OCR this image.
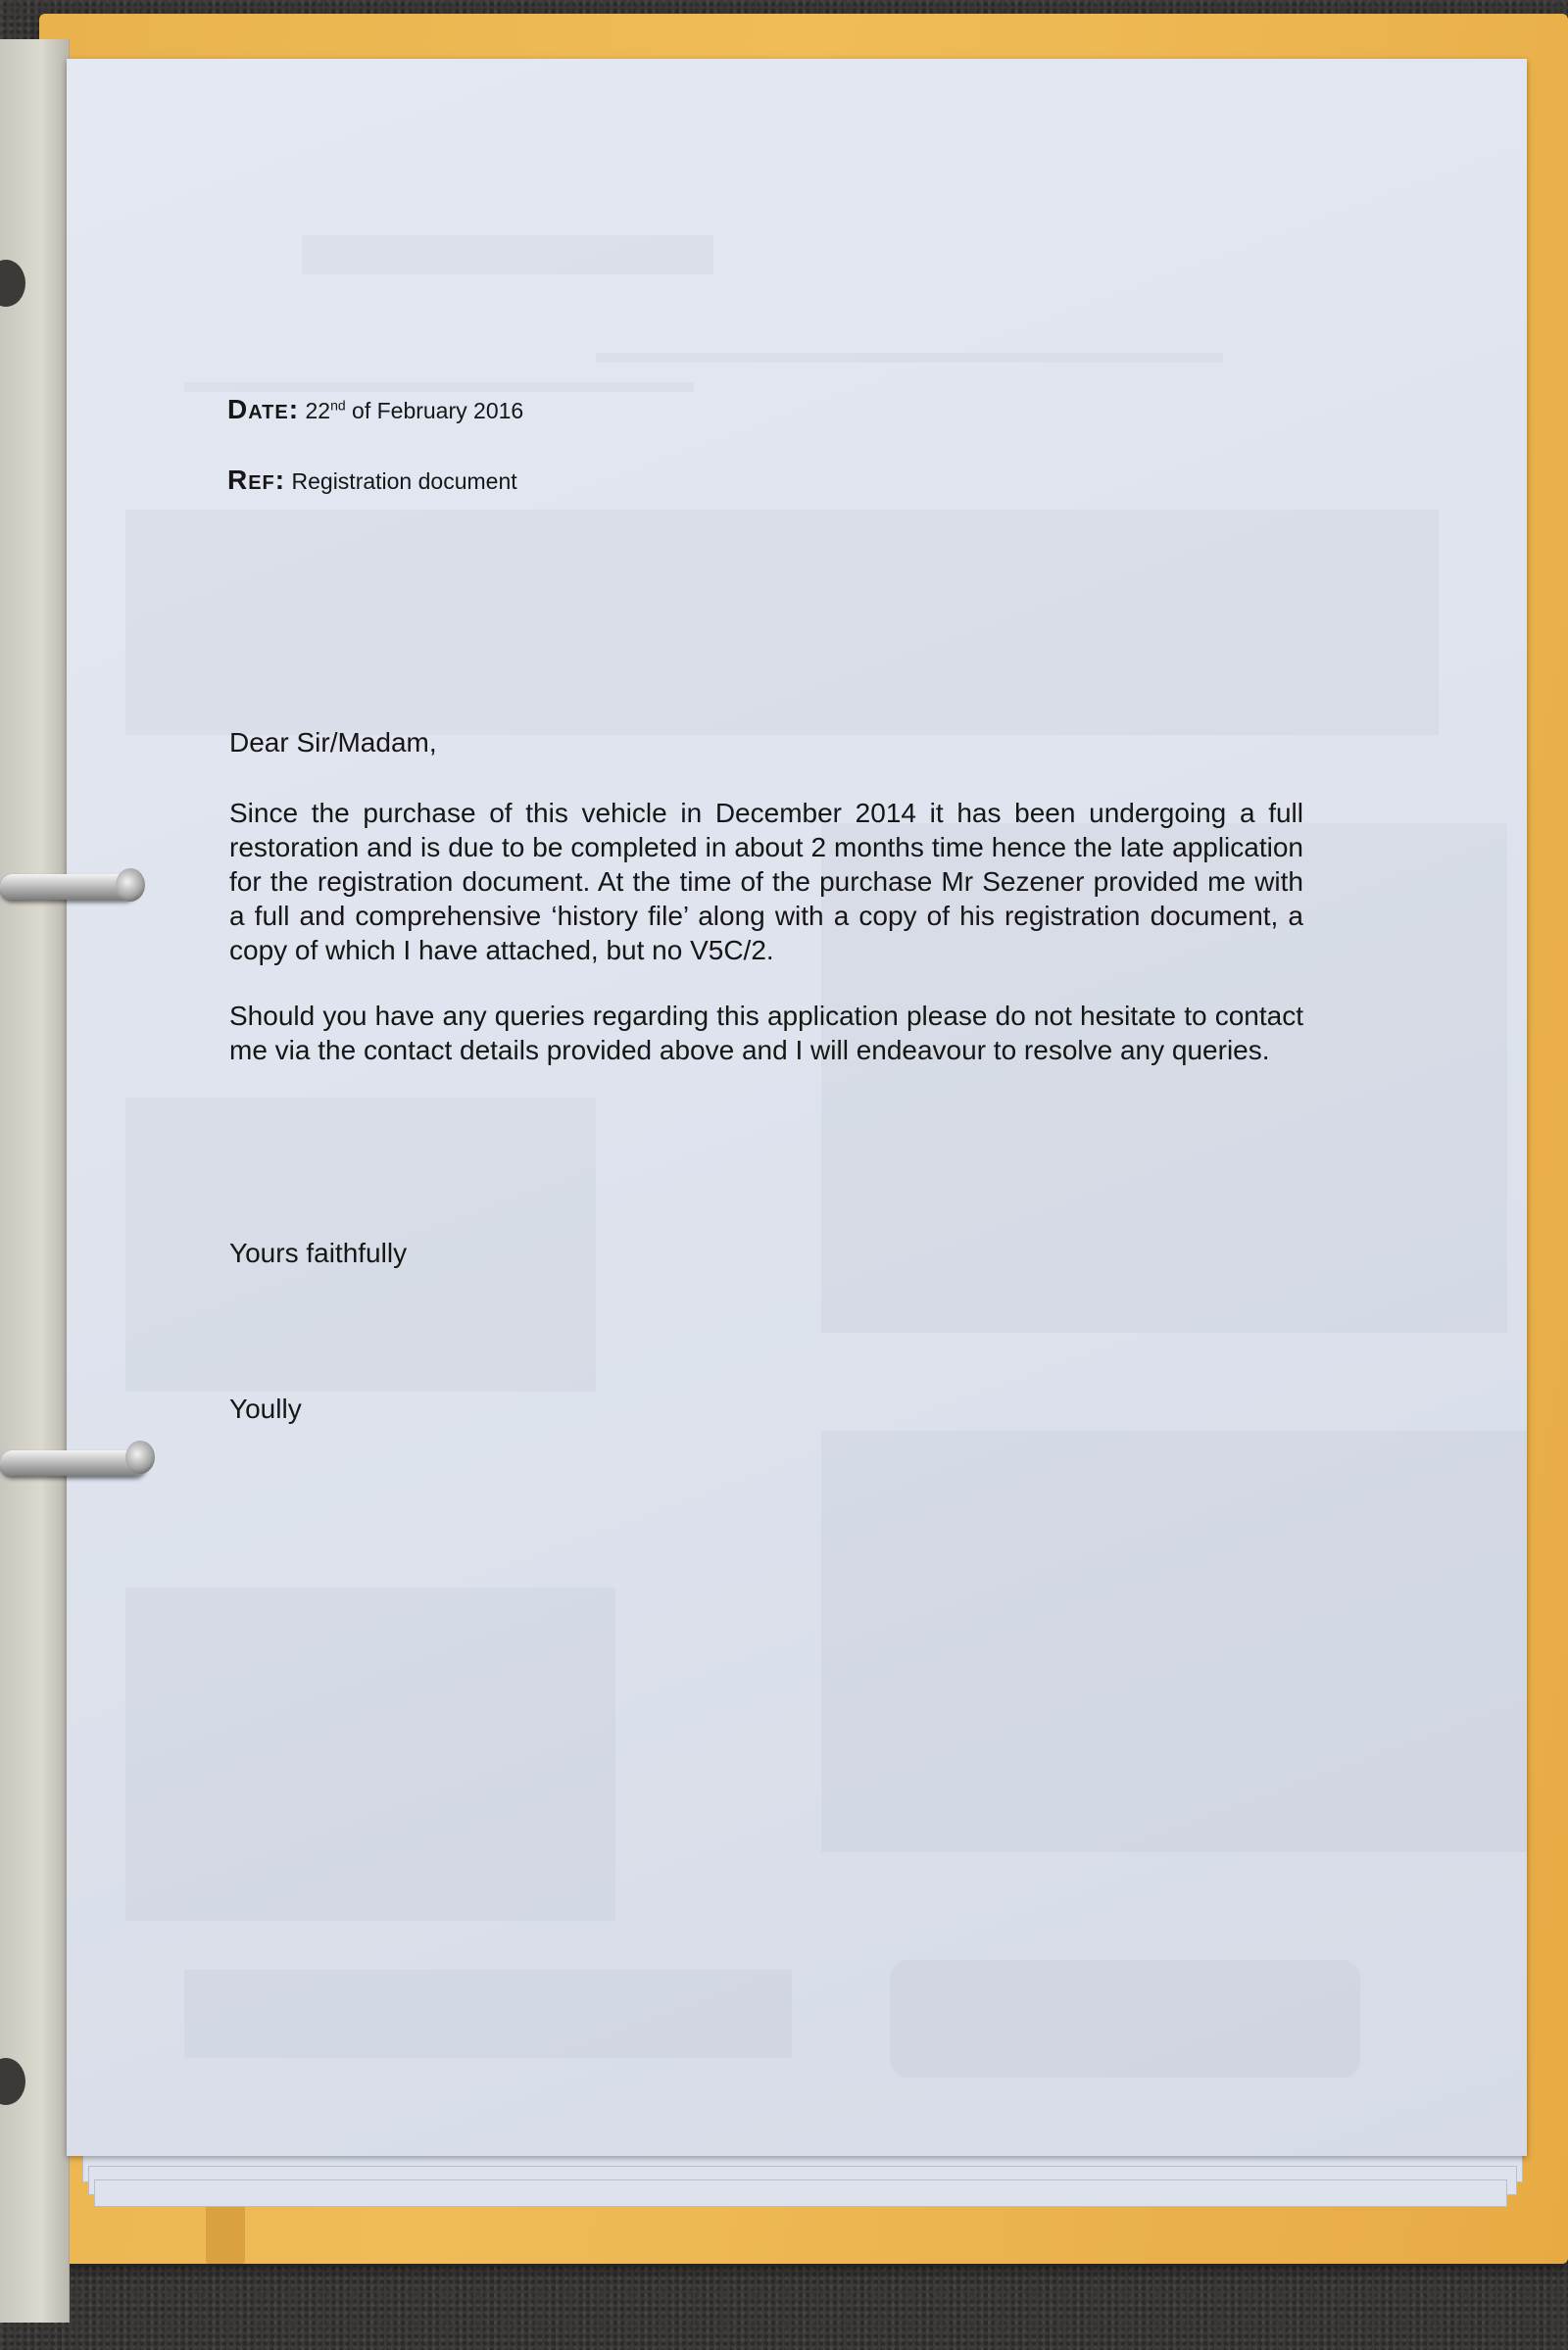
Date: 22nd of February 2016
Ref: Registration document
Dear Sir/Madam,
Since the purchase of this vehicle in December 2014 it has been undergoing a full restoration and is due to be completed in about 2 months time hence the late application for the registration document. At the time of the purchase Mr Sezener provided me with a full and comprehensive ‘history file’ along with a copy of his registration document, a copy of which I have attached, but no V5C/2.
Should you have any queries regarding this application please do not hesitate to contact me via the contact details provided above and I will endeavour to resolve any queries.
Yours faithfully
Yoully
